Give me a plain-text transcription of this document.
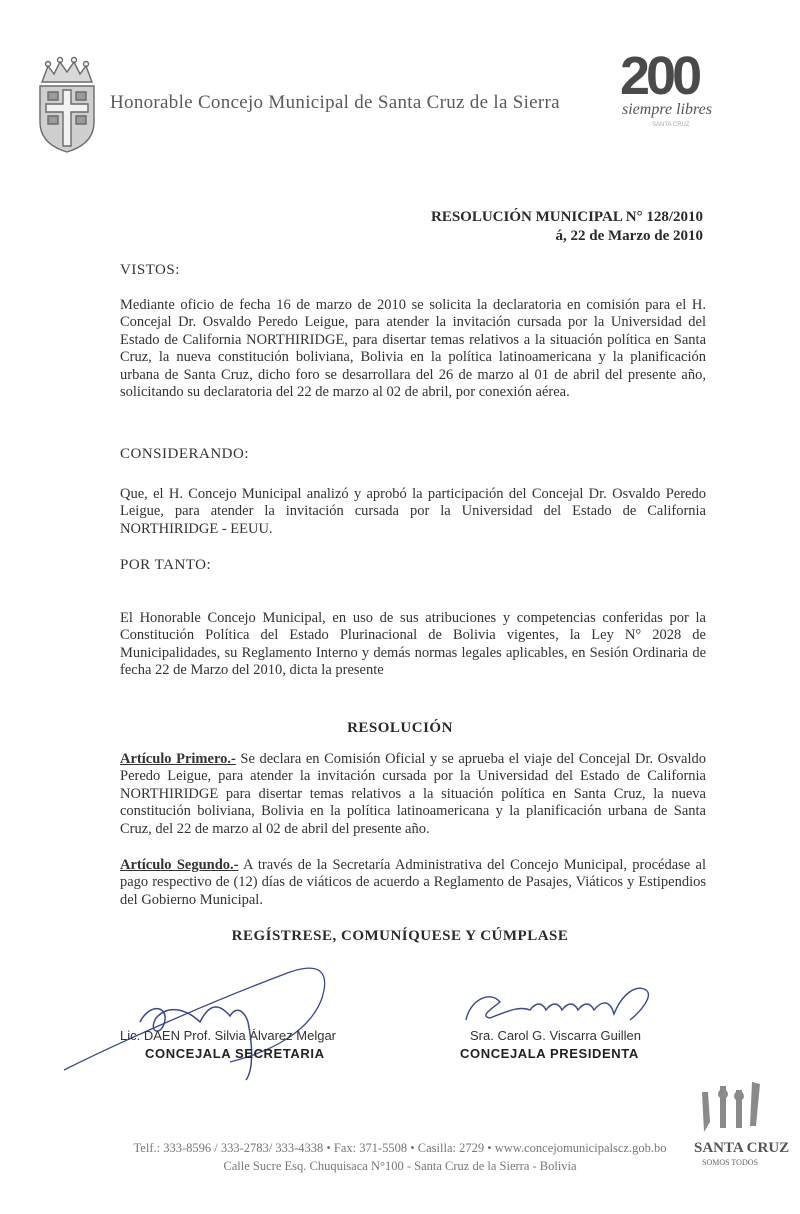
Honorable Concejo Municipal de Santa Cruz de la Sierra 200
siempre libres
SANTA CRUZ
RESOLUCIÓN MUNICIPAL N° 128/2010
á, 22 de Marzo de 2010
VISTOS:
Mediante oficio de fecha 16 de marzo de 2010 se solicita la declaratoria en comisión para el H. Concejal Dr. Osvaldo Peredo Leigue, para atender la invitación cursada por la Universidad del Estado de California NORTHIRIDGE, para disertar temas relativos a la situación política en Santa Cruz, la nueva constitución boliviana, Bolivia en la política latinoamericana y la planificación urbana de Santa Cruz, dicho foro se desarrollara del 26 de marzo al 01 de abril del presente año, solicitando su declaratoria del 22 de marzo al 02 de abril, por conexión aérea.
CONSIDERANDO:
Que, el H. Concejo Municipal analizó y aprobó la participación del Concejal Dr. Osvaldo Peredo Leigue, para atender la invitación cursada por la Universidad del Estado de California NORTHIRIDGE - EEUU.
POR TANTO:
El Honorable Concejo Municipal, en uso de sus atribuciones y competencias conferidas por la Constitución Política del Estado Plurinacional de Bolivia vigentes, la Ley N° 2028 de Municipalidades, su Reglamento Interno y demás normas legales aplicables, en Sesión Ordinaria de fecha 22 de Marzo del 2010, dicta la presente
RESOLUCIÓN
Artículo Primero.- Se declara en Comisión Oficial y se aprueba el viaje del Concejal Dr. Osvaldo Peredo Leigue, para atender la invitación cursada por la Universidad del Estado de California NORTHIRIDGE para disertar temas relativos a la situación política en Santa Cruz, la nueva constitución boliviana, Bolivia en la política latinoamericana y la planificación urbana de Santa Cruz, del 22 de marzo al 02 de abril del presente año.
Artículo Segundo.- A través de la Secretaría Administrativa del Concejo Municipal, procédase al pago respectivo de (12) días de viáticos de acuerdo a Reglamento de Pasajes, Viáticos y Estipendios del Gobierno Municipal.
REGÍSTRESE, COMUNÍQUESE Y CÚMPLASE
Lic. DAEN Prof. Silvia Álvarez Melgar
CONCEJALA SECRETARIA
Sra. Carol G. Viscarra Guillen
CONCEJALA PRESIDENTA
Telf.: 333-8596 / 333-2783/ 333-4338 • Fax: 371-5508 • Casilla: 2729 • www.concejomunicipalscz.gob.bo
Calle Sucre Esq. Chuquisaca N°100 - Santa Cruz de la Sierra - Bolivia
SANTA CRUZ
SOMOS TODOS
